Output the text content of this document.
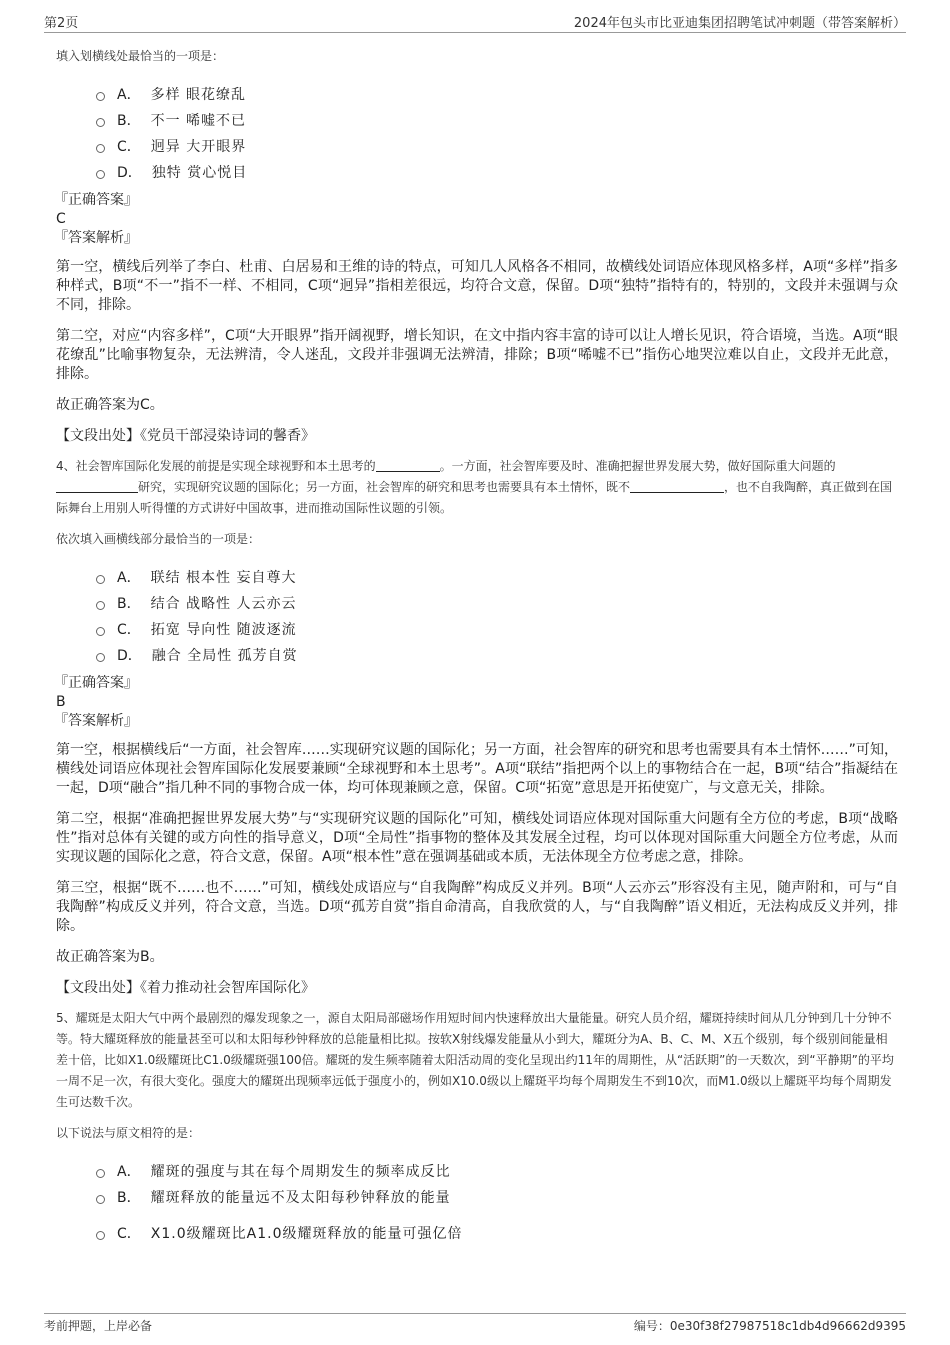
第2页	2024年包头市比亚迪集团招聘笔试冲刺题（带答案解析）

填入划横线处最恰当的一项是：

A． 多样 眼花缭乱
B． 不一 唏嘘不已
C． 迥异 大开眼界
D． 独特 赏心悦目
『正确答案』
C
『答案解析』

第一空，横线后列举了李白、杜甫、白居易和王维的诗的特点，可知几人风格各不相同，故横线处词语应体现风格多样，A项“多样”指多种样式，B项“不一”指不一样、不相同，C项“迥异”指相差很远，均符合文意，保留。D项“独特”指特有的，特别的，文段并未强调与众不同，排除。

第二空，对应“内容多样”，C项“大开眼界”指开阔视野，增长知识，在文中指内容丰富的诗可以让人增长见识，符合语境，当选。A项“眼花缭乱”比喻事物复杂，无法辨清，令人迷乱，文段并非强调无法辨清，排除；B项“唏嘘不已”指伤心地哭泣难以自止，文段并无此意，排除。

故正确答案为C。

【文段出处】《党员干部浸染诗词的馨香》

4、社会智库国际化发展的前提是实现全球视野和本土思考的	。一方面，社会智库要及时、准确把握世界发展大势，做好国际重大问题的研究，实现研究议题的国际化；另一方面，社会智库的研究和思考也需要具有本土情怀，既不	，也不自我陶醉，真正做到在国际舞台上用别人听得懂的方式讲好中国故事，进而推动国际性议题的引领。

依次填入画横线部分最恰当的一项是：

A． 联结 根本性 妄自尊大
B． 结合 战略性 人云亦云
C． 拓宽 导向性 随波逐流
D． 融合 全局性 孤芳自赏
『正确答案』
B
『答案解析』

第一空，根据横线后“一方面，社会智库……实现研究议题的国际化；另一方面，社会智库的研究和思考也需要具有本土情怀……”可知，横线处词语应体现社会智库国际化发展要兼顾“全球视野和本土思考”。A项“联结”指把两个以上的事物结合在一起，B项“结合”指凝结在一起，D项“融合”指几种不同的事物合成一体，均可体现兼顾之意，保留。C项“拓宽”意思是开拓使宽广，与文意无关，排除。

第二空，根据“准确把握世界发展大势”与“实现研究议题的国际化”可知，横线处词语应体现对国际重大问题有全方位的考虑，B项“战略性”指对总体有关键的或方向性的指导意义，D项“全局性”指事物的整体及其发展全过程，均可以体现对国际重大问题全方位考虑，从而实现议题的国际化之意，符合文意，保留。A项“根本性”意在强调基础或本质，无法体现全方位考虑之意，排除。

第三空，根据“既不……也不……”可知，横线处成语应与“自我陶醉”构成反义并列。B项“人云亦云”形容没有主见，随声附和，可与“自我陶醉”构成反义并列，符合文意，当选。D项“孤芳自赏”指自命清高，自我欣赏的人，与“自我陶醉”语义相近，无法构成反义并列，排除。

故正确答案为B。

【文段出处】《着力推动社会智库国际化》

5、耀斑是太阳大气中两个最剧烈的爆发现象之一，源自太阳局部磁场作用短时间内快速释放出大量能量。研究人员介绍，耀斑持续时间从几分钟到几十分钟不等。特大耀斑释放的能量甚至可以和太阳每秒钟释放的总能量相比拟。按软X射线爆发能量从小到大，耀斑分为A、B、C、M、X五个级别，每个级别间能量相差十倍，比如X1.0级耀斑比C1.0级耀斑强100倍。耀斑的发生频率随着太阳活动周的变化呈现出约11年的周期性，从“活跃期”的一天数次，到“平静期”的平均一周不足一次，有很大变化。强度大的耀斑出现频率远低于强度小的，例如X10.0级以上耀斑平均每个周期发生不到10次，而M1.0级以上耀斑平均每个周期发生可达数千次。

以下说法与原文相符的是：

A． 耀斑的强度与其在每个周期发生的频率成反比
B． 耀斑释放的能量远不及太阳每秒钟释放的能量
C． X1.0级耀斑比A1.0级耀斑释放的能量可强亿倍
考前押题，上岸必备	编号：0e30f38f27987518c1db4d96662d9395
